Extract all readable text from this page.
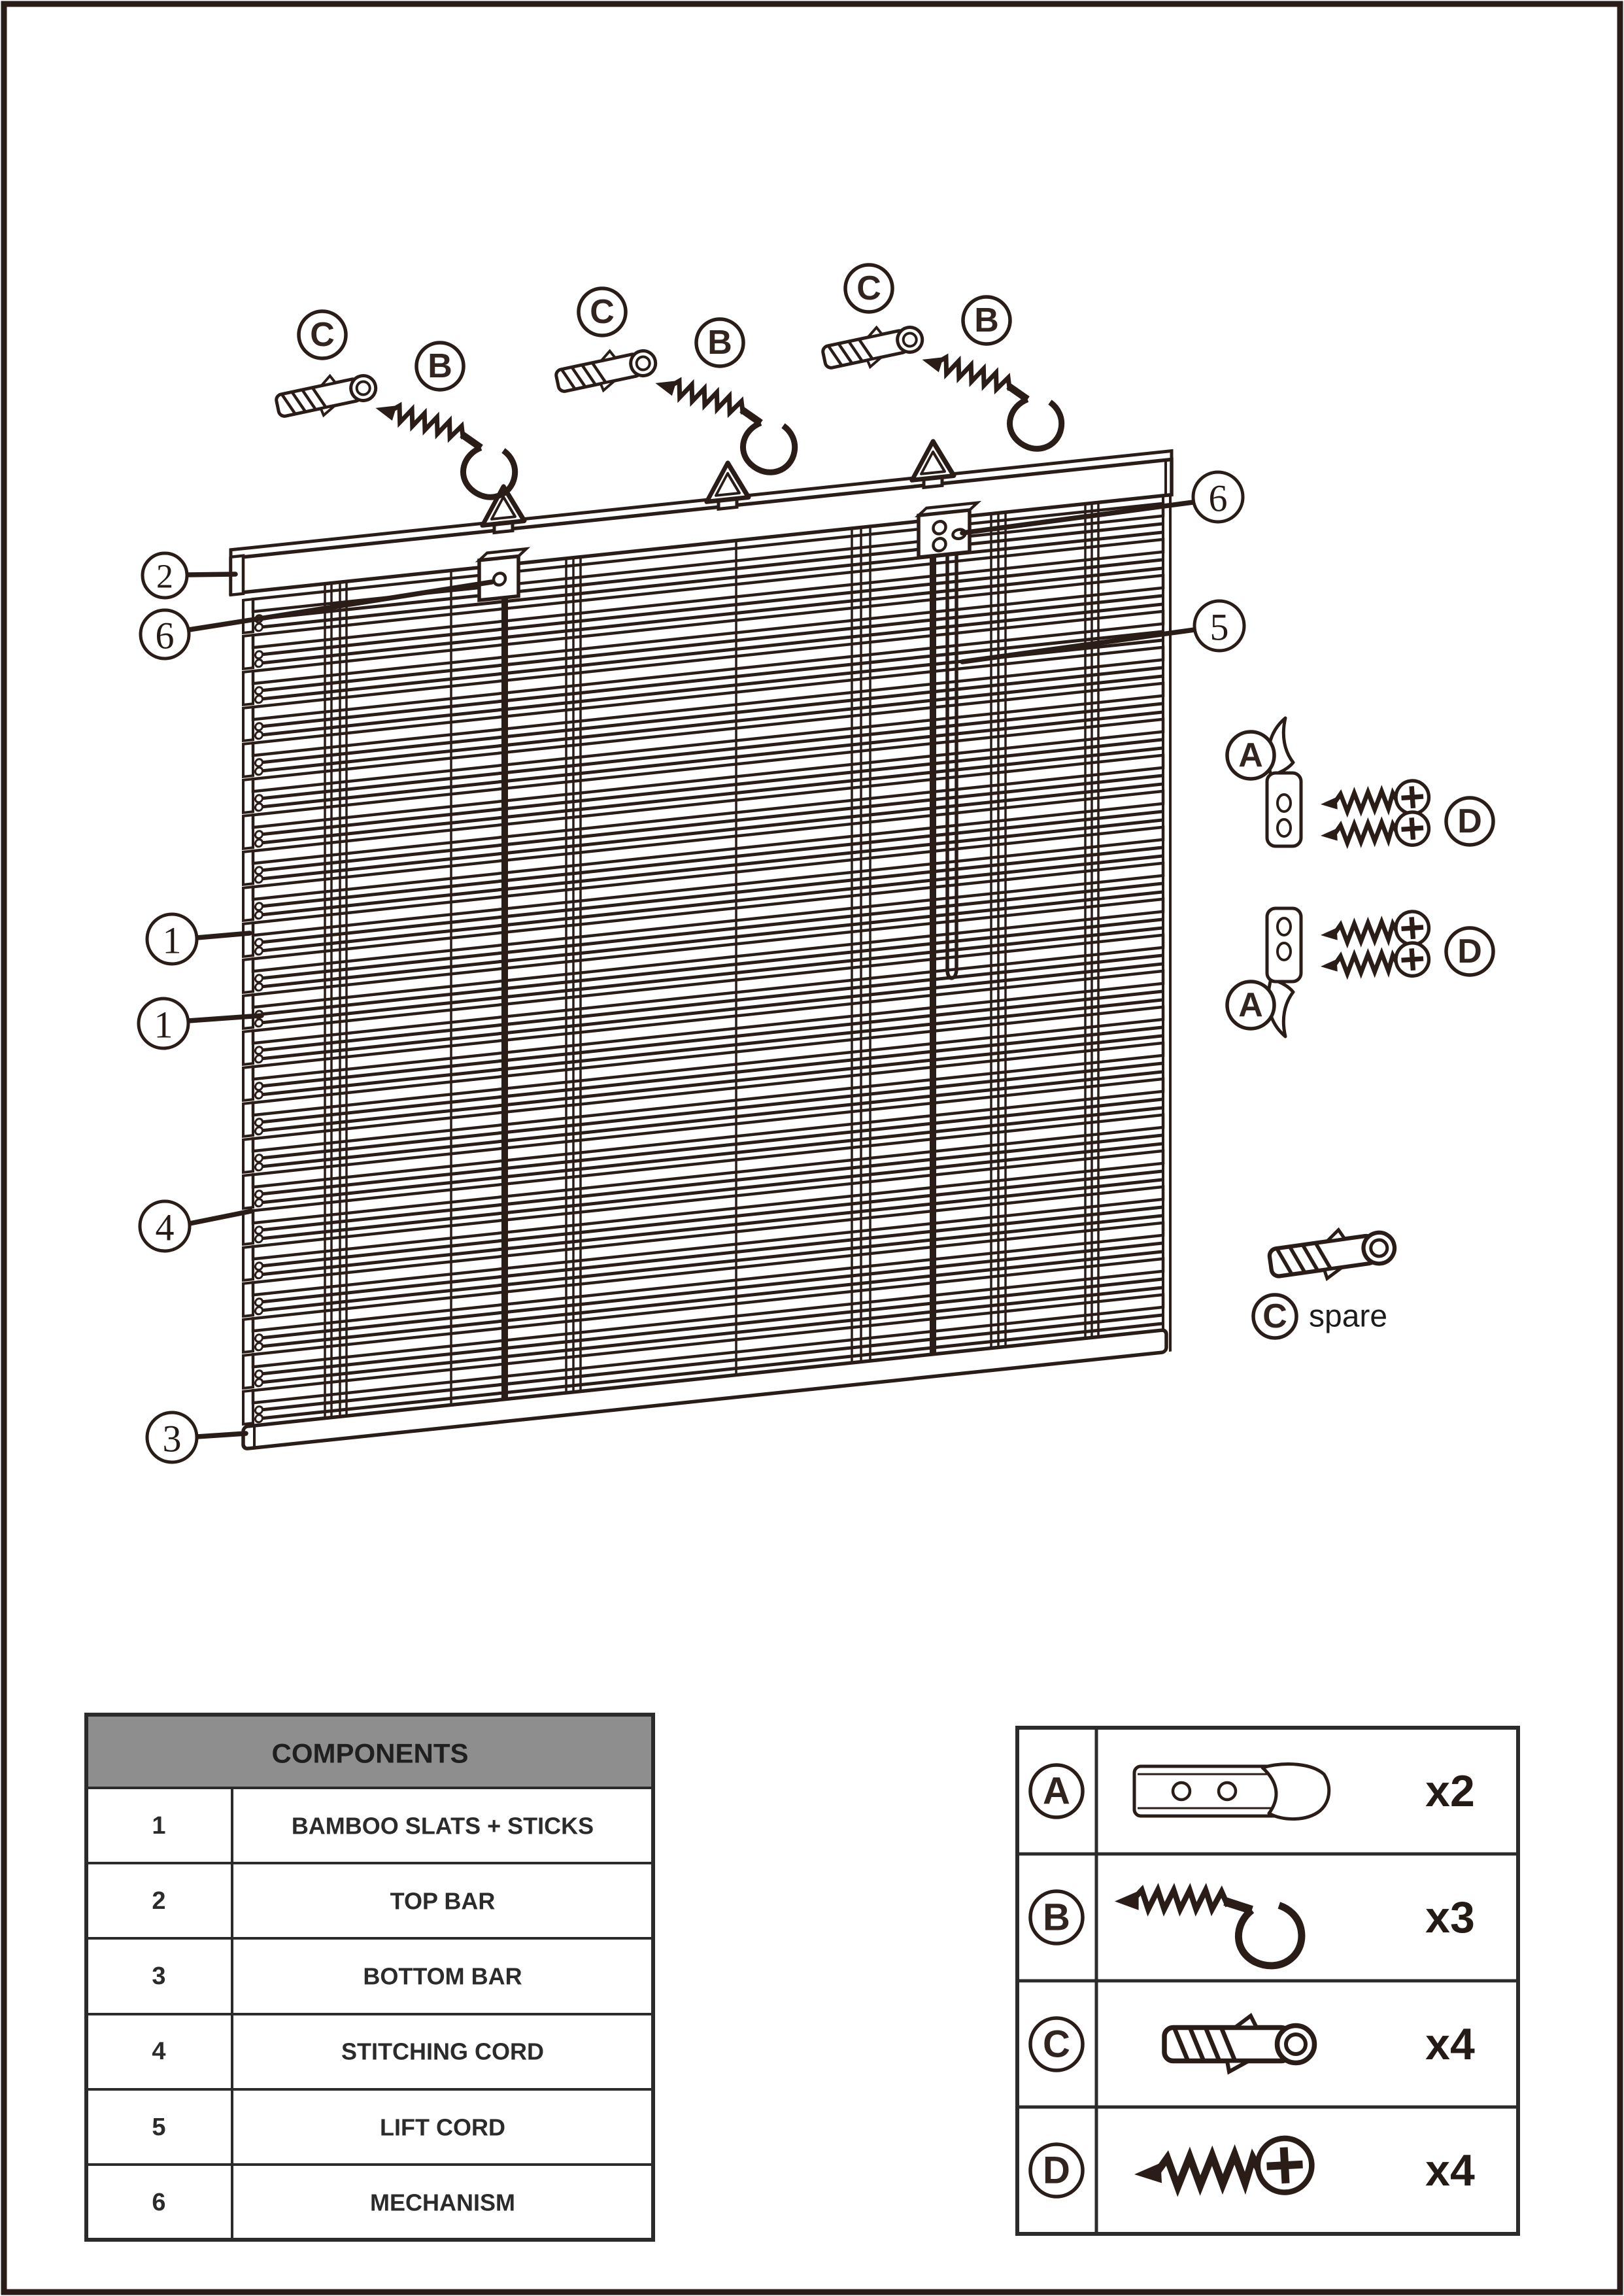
C
B
C
B
C
B
A
D
A
D
C spare
2
6
1
1
4
3
6
5
COMPONENTS
1	BAMBOO SLATS + STICKS
2	TOP BAR
3	BOTTOM BAR
4	STITCHING CORD
5	LIFT CORD
6	MECHANISM
A	x2
B	x3
C	x4
D	x4
